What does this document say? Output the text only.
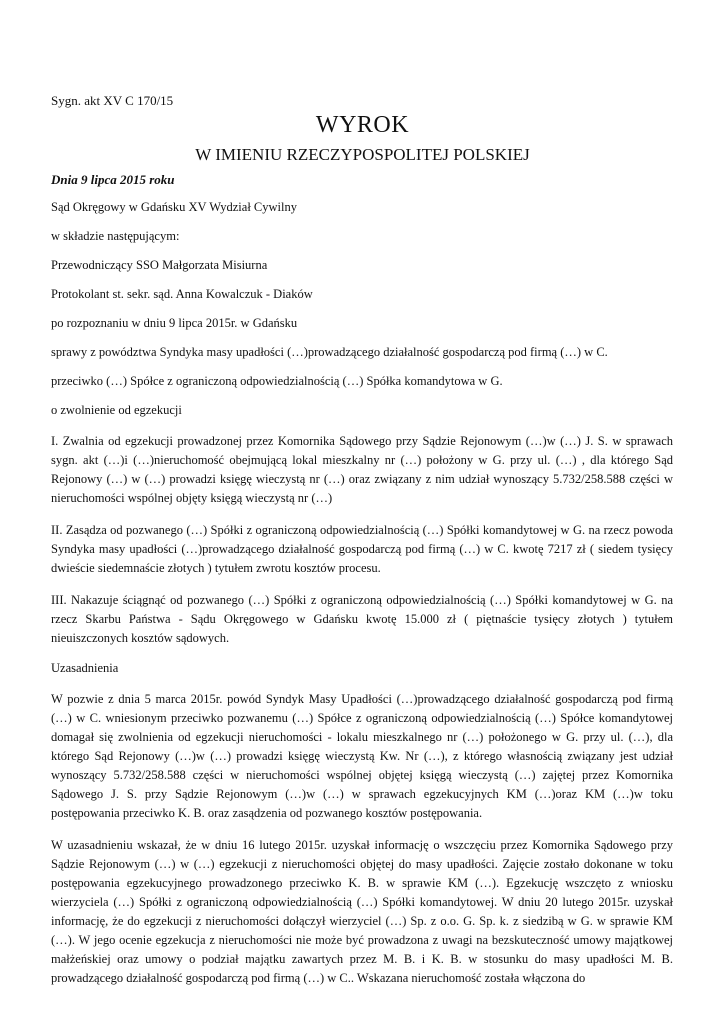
Sygn. akt XV C 170/15
WYROK
W IMIENIU RZECZYPOSPOLITEJ POLSKIEJ
Dnia 9 lipca 2015 roku
Sąd Okręgowy w Gdańsku XV Wydział Cywilny
w składzie następującym:
Przewodniczący SSO Małgorzata Misiurna
Protokolant st. sekr. sąd. Anna Kowalczuk - Diaków
po rozpoznaniu w dniu 9 lipca 2015r. w Gdańsku
sprawy z powództwa Syndyka masy upadłości (…)prowadzącego działalność gospodarczą pod firmą (…) w C.
przeciwko (…) Spółce z ograniczoną odpowiedzialnością (…) Spółka komandytowa w G.
o zwolnienie od egzekucji
I. Zwalnia od egzekucji prowadzonej przez Komornika Sądowego przy Sądzie Rejonowym (…)w (…) J. S. w sprawach sygn. akt (…)i (…)nieruchomość obejmującą lokal mieszkalny nr (…) położony w G. przy ul. (…) , dla którego Sąd Rejonowy (…) w (…) prowadzi księgę wieczystą nr (…) oraz związany z nim udział wynoszący 5.732/258.588 części w nieruchomości wspólnej objęty księgą wieczystą nr (…)
II. Zasądza od pozwanego (…) Spółki z ograniczoną odpowiedzialnością (…) Spółki komandytowej w G. na rzecz powoda Syndyka masy upadłości (…)prowadzącego działalność gospodarczą pod firmą (…) w C. kwotę 7217 zł ( siedem tysięcy dwieście siedemnaście złotych ) tytułem zwrotu kosztów procesu.
III. Nakazuje ściągnąć od pozwanego (…) Spółki z ograniczoną odpowiedzialnością (…) Spółki komandytowej w G. na rzecz Skarbu Państwa - Sądu Okręgowego w Gdańsku kwotę 15.000 zł ( piętnaście tysięcy złotych ) tytułem nieuiszczonych kosztów sądowych.
Uzasadnienia
W pozwie z dnia 5 marca 2015r. powód Syndyk Masy Upadłości (…)prowadzącego działalność gospodarczą pod firmą (…) w C. wniesionym przeciwko pozwanemu (…) Spółce z ograniczoną odpowiedzialnością (…) Spółce komandytowej domagał się zwolnienia od egzekucji nieruchomości - lokalu mieszkalnego nr (…) położonego w G. przy ul. (…), dla którego Sąd Rejonowy (…)w (…) prowadzi księgę wieczystą Kw. Nr (…), z którego własnością związany jest udział wynoszący 5.732/258.588 części w nieruchomości wspólnej objętej księgą wieczystą (…) zajętej przez Komornika Sądowego J. S. przy Sądzie Rejonowym (…)w (…) w sprawach egzekucyjnych KM (…)oraz KM (…)w toku postępowania przeciwko K. B. oraz zasądzenia od pozwanego kosztów postępowania.
W uzasadnieniu wskazał, że w dniu 16 lutego 2015r. uzyskał informację o wszczęciu przez Komornika Sądowego przy Sądzie Rejonowym (…) w (…) egzekucji z nieruchomości objętej do masy upadłości. Zajęcie zostało dokonane w toku postępowania egzekucyjnego prowadzonego przeciwko K. B. w sprawie KM (…). Egzekucję wszczęto z wniosku wierzyciela (…) Spółki z ograniczoną odpowiedzialnością (…) Spółki komandytowej. W dniu 20 lutego 2015r. uzyskał informację, że do egzekucji z nieruchomości dołączył wierzyciel (…) Sp. z o.o. G. Sp. k. z siedzibą w G. w sprawie KM (…). W jego ocenie egzekucja z nieruchomości nie może być prowadzona z uwagi na bezskuteczność umowy majątkowej małżeńskiej oraz umowy o podział majątku zawartych przez M. B. i K. B. w stosunku do masy upadłości M. B. prowadzącego działalność gospodarczą pod firmą (…) w C.. Wskazana nieruchomość została włączona do
